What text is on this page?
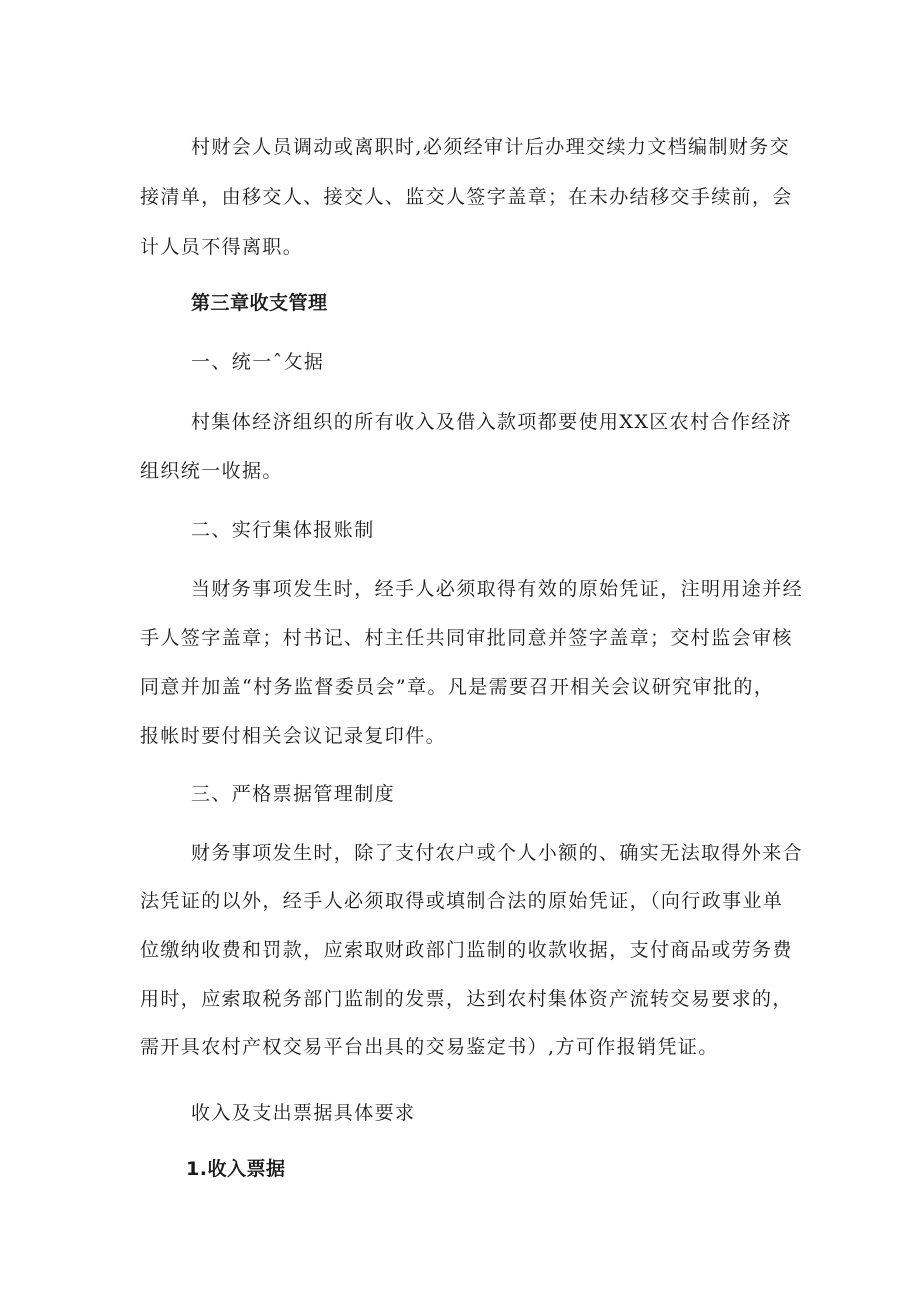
村财会人员调动或离职时,必须经审计后办理交续力文档编制财务交
接清单，由移交人、接交人、监交人签字盖章；在未办结移交手续前，会
计人员不得离职。
第三章收支管理
一、统一ˆ攵据
村集体经济组织的所有收入及借入款项都要使用XX区农村合作经济
组织统一收据。
二、实行集体报账制
当财务事项发生时，经手人必须取得有效的原始凭证，注明用途并经
手人签字盖章；村书记、村主任共同审批同意并签字盖章；交村监会审核
同意并加盖“村务监督委员会”章。凡是需要召开相关会议研究审批的，
报帐时要付相关会议记录复印件。
三、严格票据管理制度
财务事项发生时，除了支付农户或个人小额的、确实无法取得外来合
法凭证的以外，经手人必须取得或填制合法的原始凭证，（向行政事业单
位缴纳收费和罚款，应索取财政部门监制的收款收据，支付商品或劳务费
用时，应索取税务部门监制的发票，达到农村集体资产流转交易要求的，
需开具农村产权交易平台出具的交易鉴定书）,方可作报销凭证。
收入及支出票据具体要求
1.收入票据
